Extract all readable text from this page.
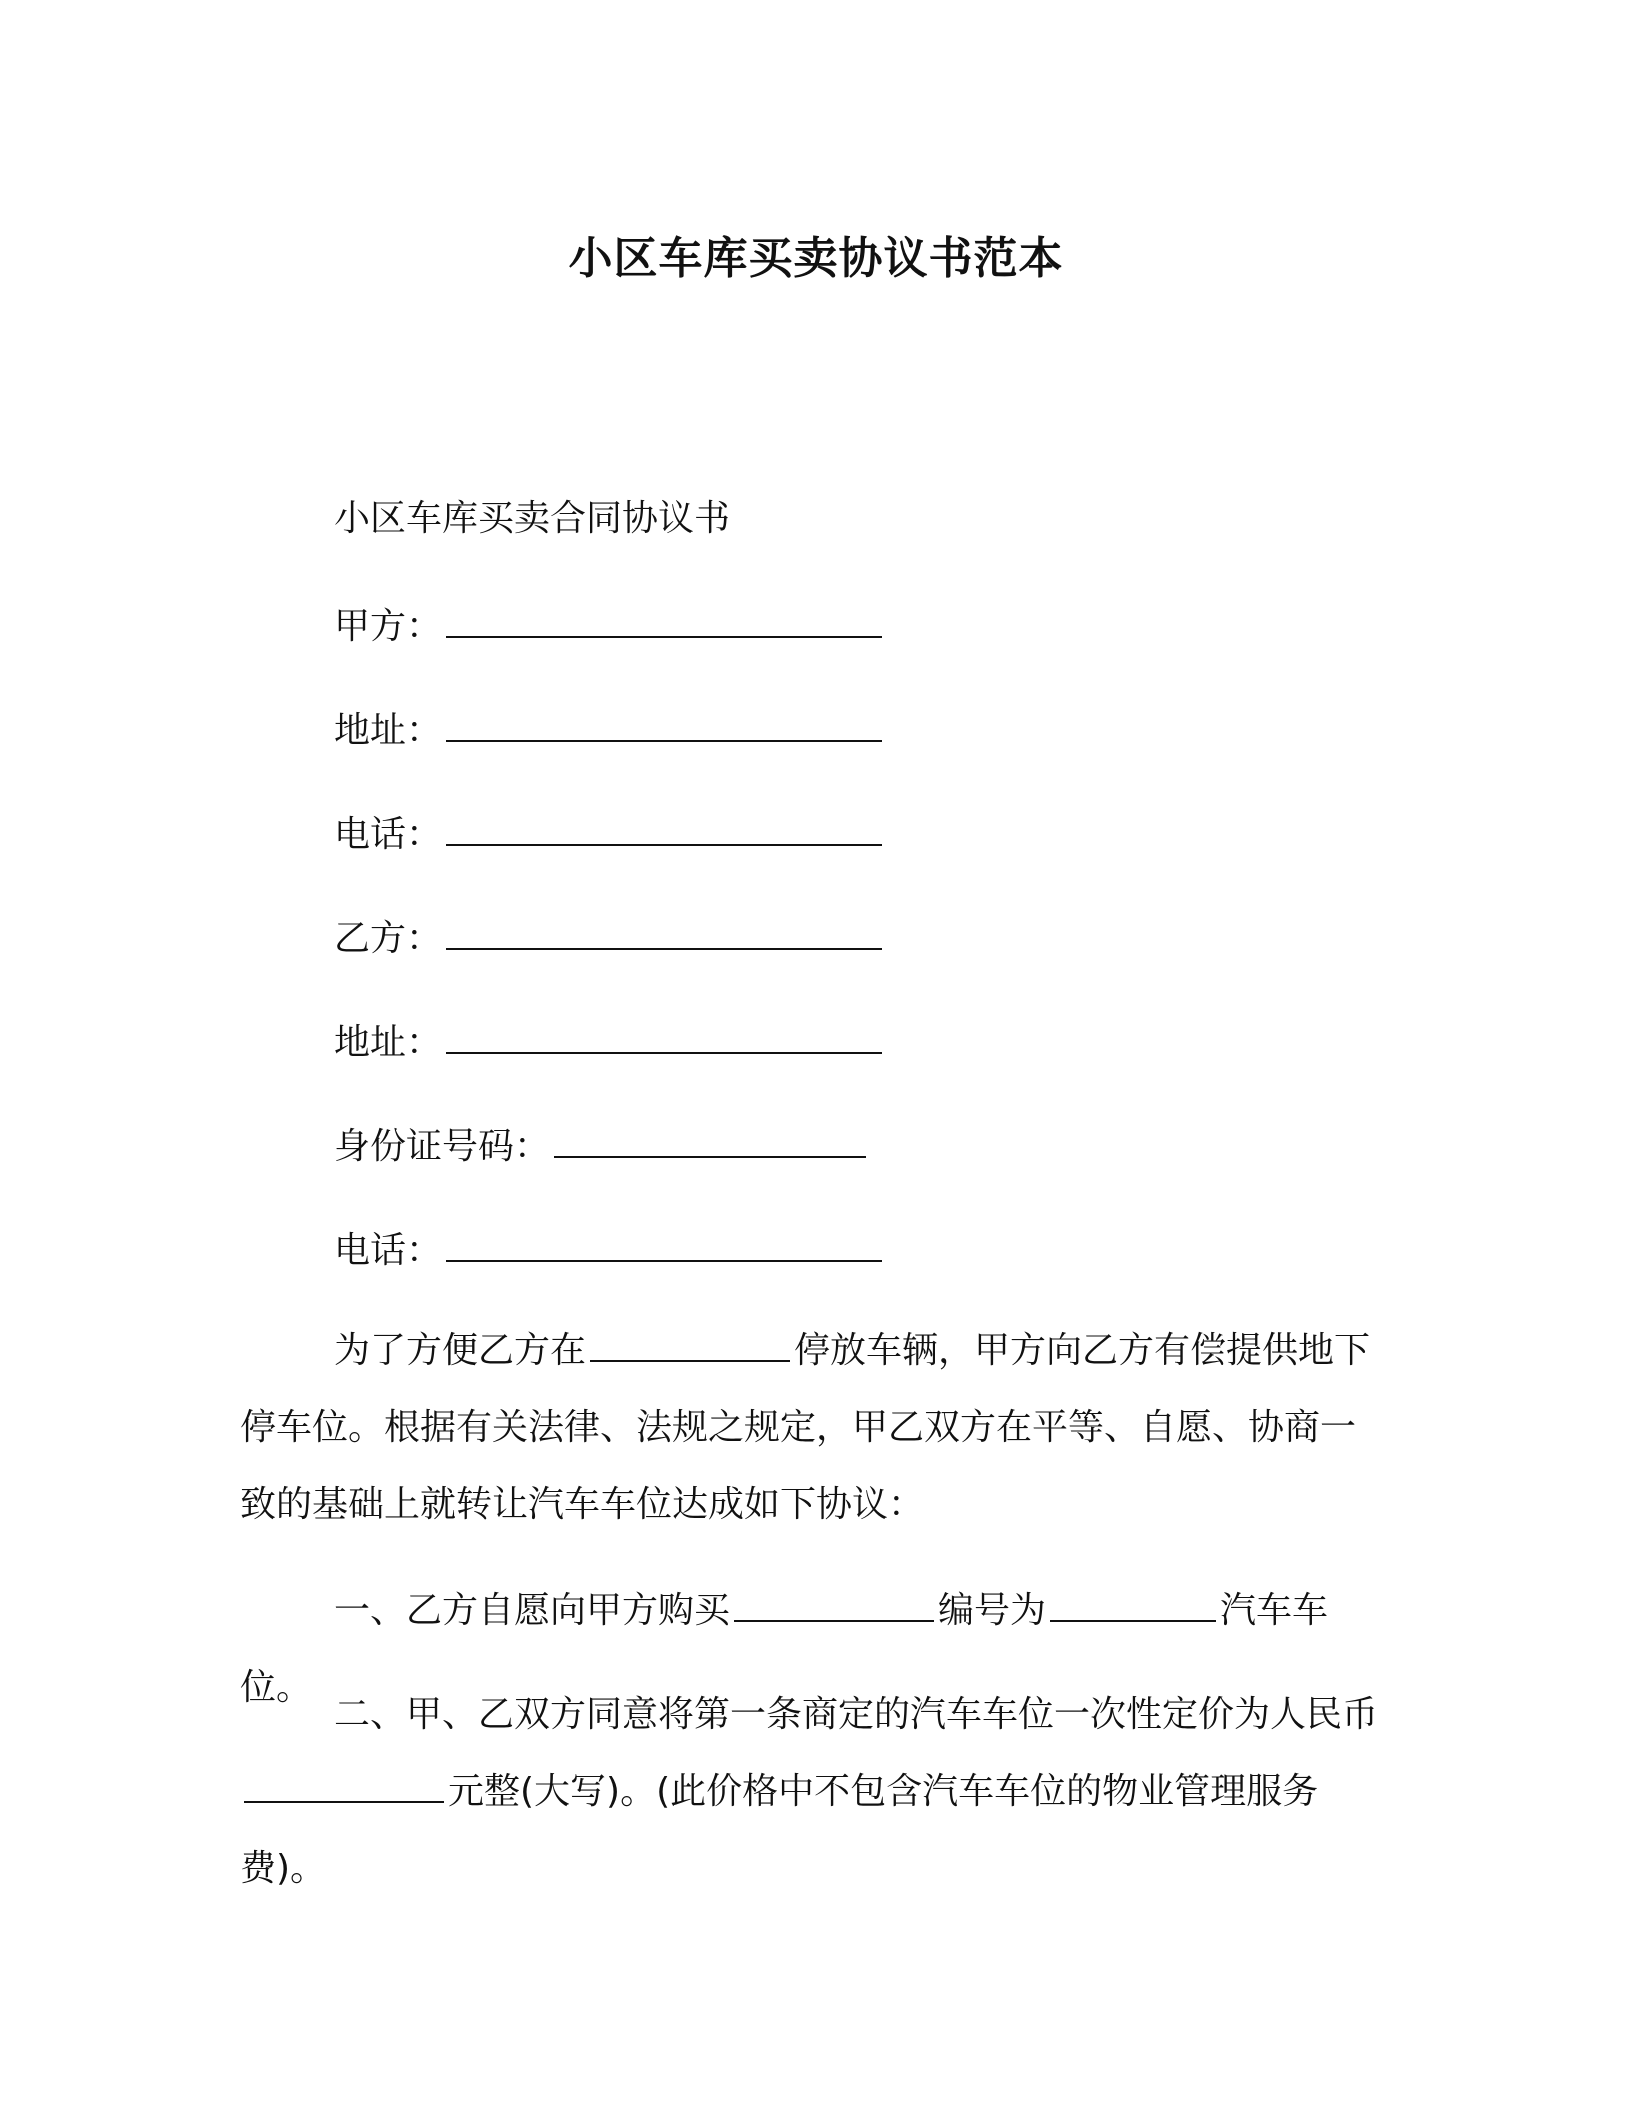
小区车库买卖协议书范本
小区车库买卖合同协议书
甲方：
地址：
电话：
乙方：
地址：
身份证号码：
电话：
为了方便乙方在	停放车辆，甲方向乙方有偿提供地下停车位。根据有关法律、法规之规定，甲乙双方在平等、自愿、协商一致的基础上就转让汽车车位达成如下协议：
一、乙方自愿向甲方购买	编号为	汽车车位。
二、甲、乙双方同意将第一条商定的汽车车位一次性定价为人民币元整(大写)。(此价格中不包含汽车车位的物业管理服务费)。
